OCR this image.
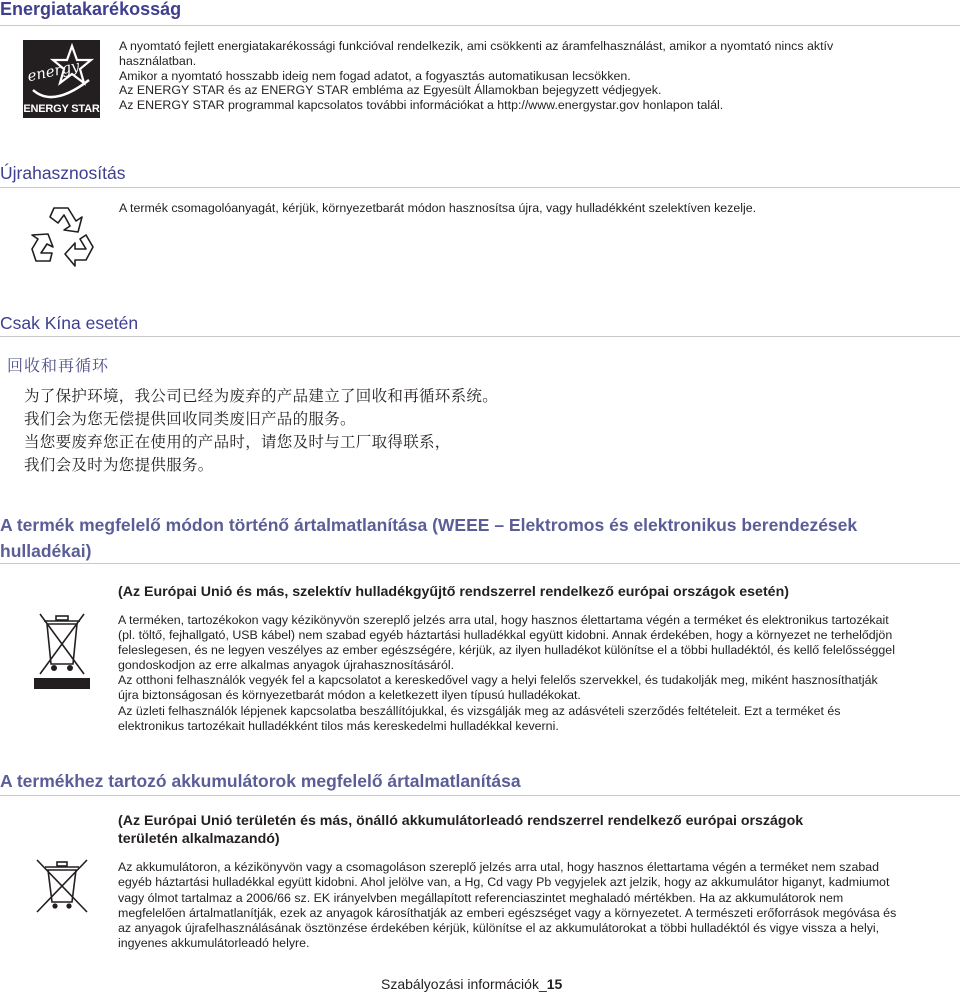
Energiatakarékosság
energy
ENERGY STAR
A nyomtató fejlett energiatakarékossági funkcióval rendelkezik, ami csökkenti az áramfelhasználást, amikor a nyomtató nincs aktív
használatban.
Amikor a nyomtató hosszabb ideig nem fogad adatot, a fogyasztás automatikusan lecsökken.
Az ENERGY STAR és az ENERGY STAR embléma az Egyesült Államokban bejegyzett védjegyek.
Az ENERGY STAR programmal kapcsolatos további információkat a http://www.energystar.gov honlapon talál.
Újrahasznosítás
A termék csomagolóanyagát, kérjük, környezetbarát módon hasznosítsa újra, vagy hulladékként szelektíven kezelje.
Csak Kína esetén
回收和再循环
为了保护环境，我公司已经为废弃的产品建立了回收和再循环系统。
我们会为您无偿提供回收同类废旧产品的服务。
当您要废弃您正在使用的产品时，请您及时与工厂取得联系，
我们会及时为您提供服务。
A termék megfelelő módon történő ártalmatlanítása (WEEE – Elektromos és elektronikus berendezések
hulladékai)
(Az Európai Unió és más, szelektív hulladékgyűjtő rendszerrel rendelkező európai országok esetén)
A terméken, tartozékokon vagy kézikönyvön szereplő jelzés arra utal, hogy hasznos élettartama végén a terméket és elektronikus tartozékait
(pl. töltő, fejhallgató, USB kábel) nem szabad egyéb háztartási hulladékkal együtt kidobni. Annak érdekében, hogy a környezet ne terhelődjön
feleslegesen, és ne legyen veszélyes az ember egészségére, kérjük, az ilyen hulladékot különítse el a többi hulladéktól, és kellő felelősséggel
gondoskodjon az erre alkalmas anyagok újrahasznosításáról.
Az otthoni felhasználók vegyék fel a kapcsolatot a kereskedővel vagy a helyi felelős szervekkel, és tudakolják meg, miként hasznosíthatják
újra biztonságosan és környezetbarát módon a keletkezett ilyen típusú hulladékokat.
Az üzleti felhasználók lépjenek kapcsolatba beszállítójukkal, és vizsgálják meg az adásvételi szerződés feltételeit. Ezt a terméket és
elektronikus tartozékait hulladékként tilos más kereskedelmi hulladékkal keverni.
A termékhez tartozó akkumulátorok megfelelő ártalmatlanítása
(Az Európai Unió területén és más, önálló akkumulátorleadó rendszerrel rendelkező európai országok
területén alkalmazandó)
Az akkumulátoron, a kézikönyvön vagy a csomagoláson szereplő jelzés arra utal, hogy hasznos élettartama végén a terméket nem szabad
egyéb háztartási hulladékkal együtt kidobni. Ahol jelölve van, a Hg, Cd vagy Pb vegyjelek azt jelzik, hogy az akkumulátor higanyt, kadmiumot
vagy ólmot tartalmaz a 2006/66 sz. EK irányelvben megállapított referenciaszintet meghaladó mértékben. Ha az akkumulátorok nem
megfelelően ártalmatlanítják, ezek az anyagok károsíthatják az emberi egészséget vagy a környezetet. A természeti erőforrások megóvása és
az anyagok újrafelhasználásának ösztönzése érdekében kérjük, különítse el az akkumulátorokat a többi hulladéktól és vigye vissza a helyi,
ingyenes akkumulátorleadó helyre.
Szabályozási információk_15
